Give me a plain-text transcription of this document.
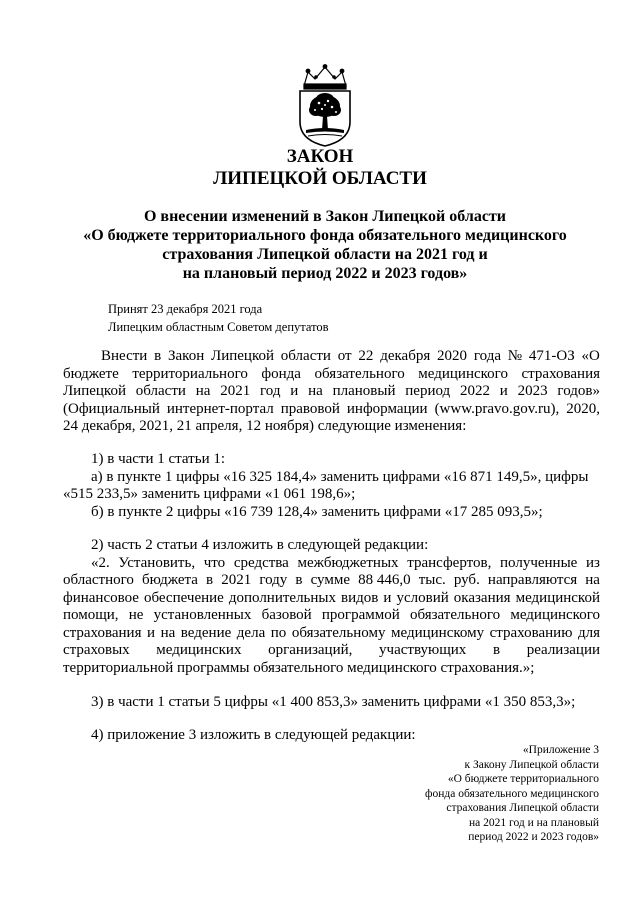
ЗАКОН
ЛИПЕЦКОЙ ОБЛАСТИ
О внесении изменений в Закон Липецкой области
«О бюджете территориального фонда обязательного медицинского
страхования Липецкой области на 2021 год и
на плановый период 2022 и 2023 годов»
Принят 23 декабря 2021 года
Липецким областным Советом депутатов
Внести в Закон Липецкой области от 22 декабря 2020 года № 471-ОЗ «О
бюджете территориального фонда обязательного медицинского страхования
Липецкой области на 2021 год и на плановый период 2022 и 2023 годов»
(Официальный интернет-портал правовой информации (www.pravo.gov.ru), 2020,
24 декабря, 2021, 21 апреля, 12 ноября) следующие изменения:
1) в части 1 статьи 1:
а) в пункте 1 цифры «16 325 184,4» заменить цифрами «16 871 149,5», цифры
«515 233,5» заменить цифрами «1 061 198,6»;
б) в пункте 2 цифры «16 739 128,4» заменить цифрами «17 285 093,5»;
2) часть 2 статьи 4 изложить в следующей редакции:
«2. Установить, что средства межбюджетных трансфертов, полученные из
областного бюджета в 2021 году в сумме 88 446,0 тыс. руб. направляются на
финансовое обеспечение дополнительных видов и условий оказания медицинской
помощи, не установленных базовой программой обязательного медицинского
страхования и на ведение дела по обязательному медицинскому страхованию для
страховых медицинских организаций, участвующих в реализации
территориальной программы обязательного медицинского страхования.»;
3) в части 1 статьи 5 цифры «1 400 853,3» заменить цифрами «1 350 853,3»;
4) приложение 3 изложить в следующей редакции:
«Приложение 3
к Закону Липецкой области
«О бюджете территориального
фонда обязательного медицинского
страхования Липецкой области
на 2021 год и на плановый
период 2022 и 2023 годов»
